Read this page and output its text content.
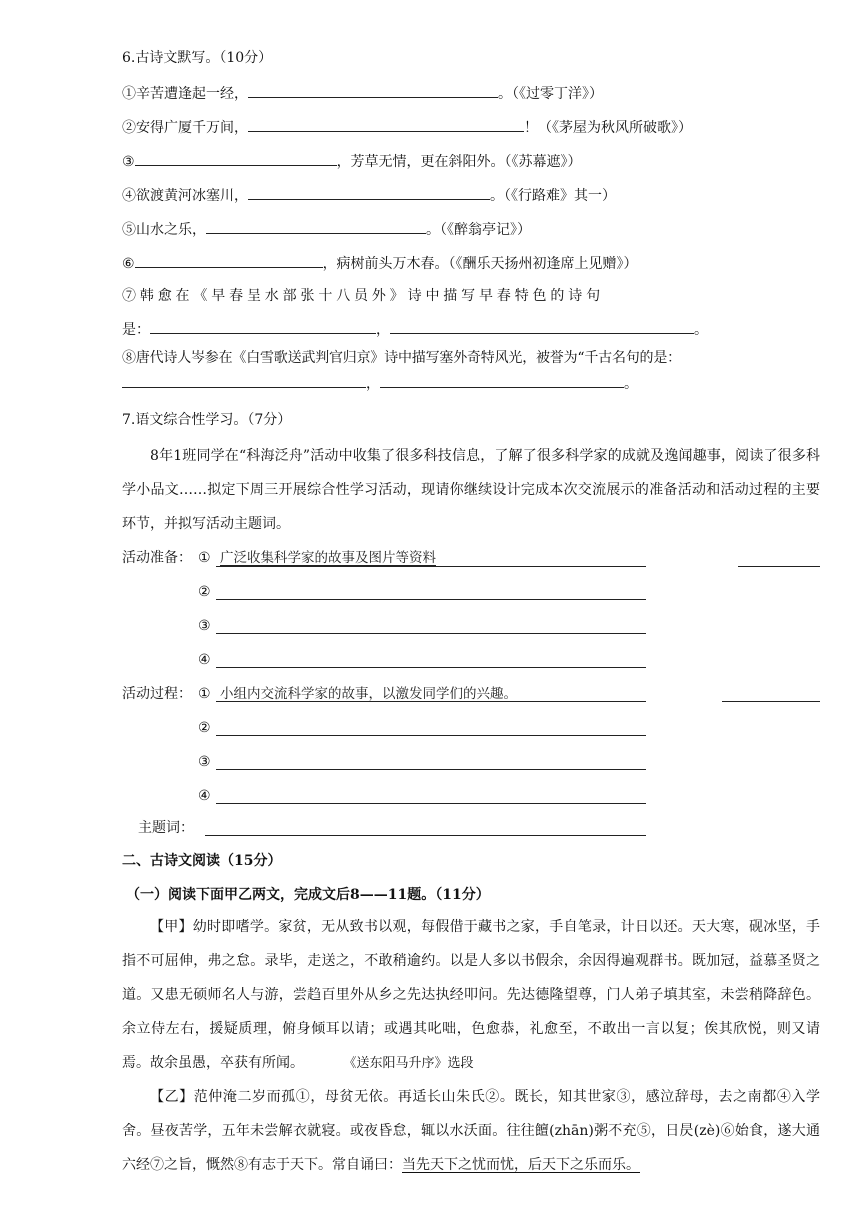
6.古诗文默写。（10分）
①辛苦遭逢起一经，	。（《过零丁洋》）
②安得广厦千万间，	！（《茅屋为秋风所破歌》）
③	，芳草无情，更在斜阳外。（《苏幕遮》）
④欲渡黄河冰塞川，	。（《行路难》其一）
⑤山水之乐，	。（《醉翁亭记》）
⑥	，病树前头万木春。（《酬乐天扬州初逢席上见赠》）
⑦ 韩 愈 在 《 早 春 呈 水 部 张 十 八 员 外 》 诗 中 描 写 早 春 特 色 的 诗 句
是：	，	。
⑧唐代诗人岑参在《白雪歌送武判官归京》诗中描写塞外奇特风光，被誉为“千古名句的是：
，	。
7.语文综合性学习。（7分）
8年1班同学在“科海泛舟”活动中收集了很多科技信息，了解了很多科学家的成就及逸闻趣事，阅读了很多科学小品文……拟定下周三开展综合性学习活动，现请你继续设计完成本次交流展示的准备活动和活动过程的主要环节，并拟写活动主题词。
活动准备： ① 广泛收集科学家的故事及图片等资料
②
③
④
活动过程： ① 小组内交流科学家的故事，以激发同学们的兴趣。
②
③
④
主题词：
二、古诗文阅读（15分）
（一）阅读下面甲乙两文，完成文后8——11题。（11分）
【甲】幼时即嗜学。家贫，无从致书以观，每假借于藏书之家，手自笔录，计日以还。天大寒，砚冰坚，手指不可屈伸，弗之怠。录毕，走送之，不敢稍逾约。以是人多以书假余，余因得遍观群书。既加冠，益慕圣贤之道。又患无硕师名人与游，尝趋百里外从乡之先达执经叩问。先达德隆望尊，门人弟子填其室，未尝稍降辞色。余立侍左右，援疑质理，俯身倾耳以请；或遇其叱咄，色愈恭，礼愈至，不敢出一言以复；俟其欣悦，则又请焉。故余虽愚，卒获有所闻。	《送东阳马升序》选段
【乙】范仲淹二岁而孤①，母贫无依。再适长山朱氏②。既长，知其世家③，感泣辞母，去之南都④入学舍。昼夜苦学，五年未尝解衣就寝。或夜昏怠，辄以水沃面。往往饘(zhān)粥不充⑤，日昃(zè)⑥始食，遂大通六经⑦之旨，慨然⑧有志于天下。常自诵曰：当先天下之忧而忧，后天下之乐而乐。
